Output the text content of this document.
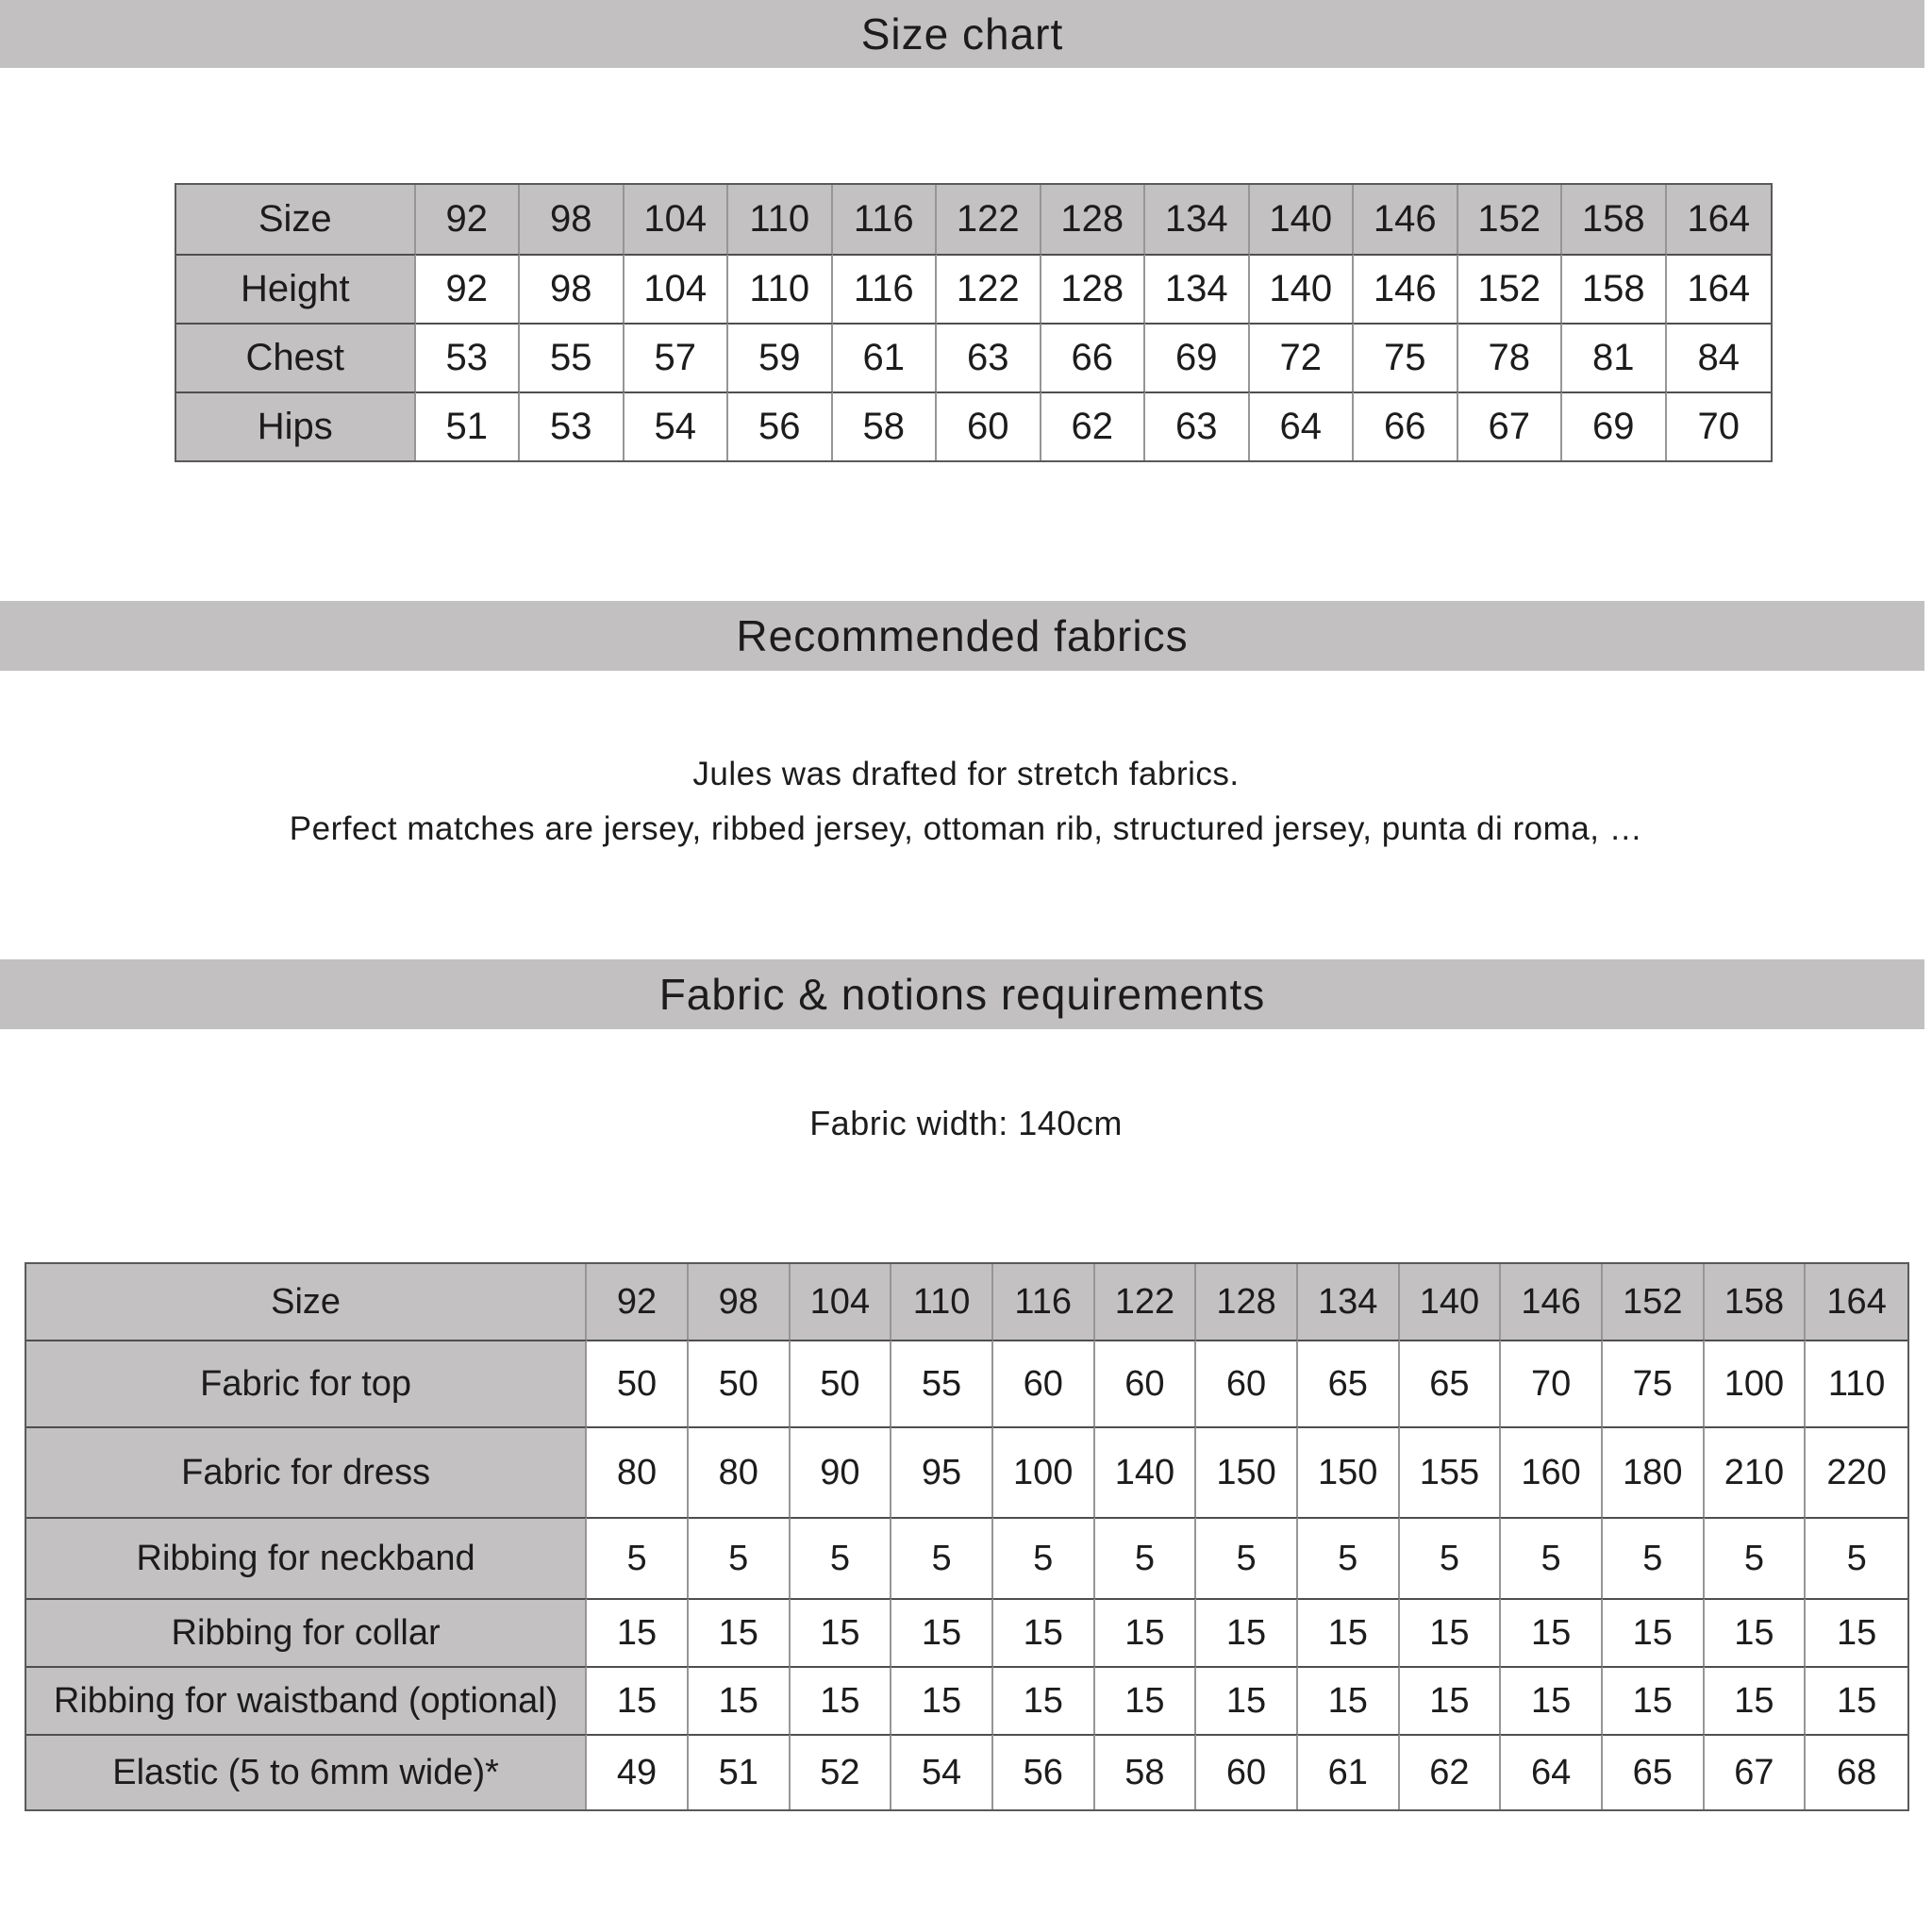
Size chart
Size	92	98	104	110	116	122	128	134	140	146	152	158	164
Height	92	98	104	110	116	122	128	134	140	146	152	158	164
Chest	53	55	57	59	61	63	66	69	72	75	78	81	84
Hips	51	53	54	56	58	60	62	63	64	66	67	69	70
Recommended fabrics
Jules was drafted for stretch fabrics.
Perfect matches are jersey, ribbed jersey, ottoman rib, structured jersey, punta di roma, …
Fabric & notions requirements
Fabric width: 140cm
Size	92	98	104	110	116	122	128	134	140	146	152	158	164
Fabric for top	50	50	50	55	60	60	60	65	65	70	75	100	110
Fabric for dress	80	80	90	95	100	140	150	150	155	160	180	210	220
Ribbing for neckband	5	5	5	5	5	5	5	5	5	5	5	5	5
Ribbing for collar	15	15	15	15	15	15	15	15	15	15	15	15	15
Ribbing for waistband (optional)	15	15	15	15	15	15	15	15	15	15	15	15	15
Elastic (5 to 6mm wide)*	49	51	52	54	56	58	60	61	62	64	65	67	68
